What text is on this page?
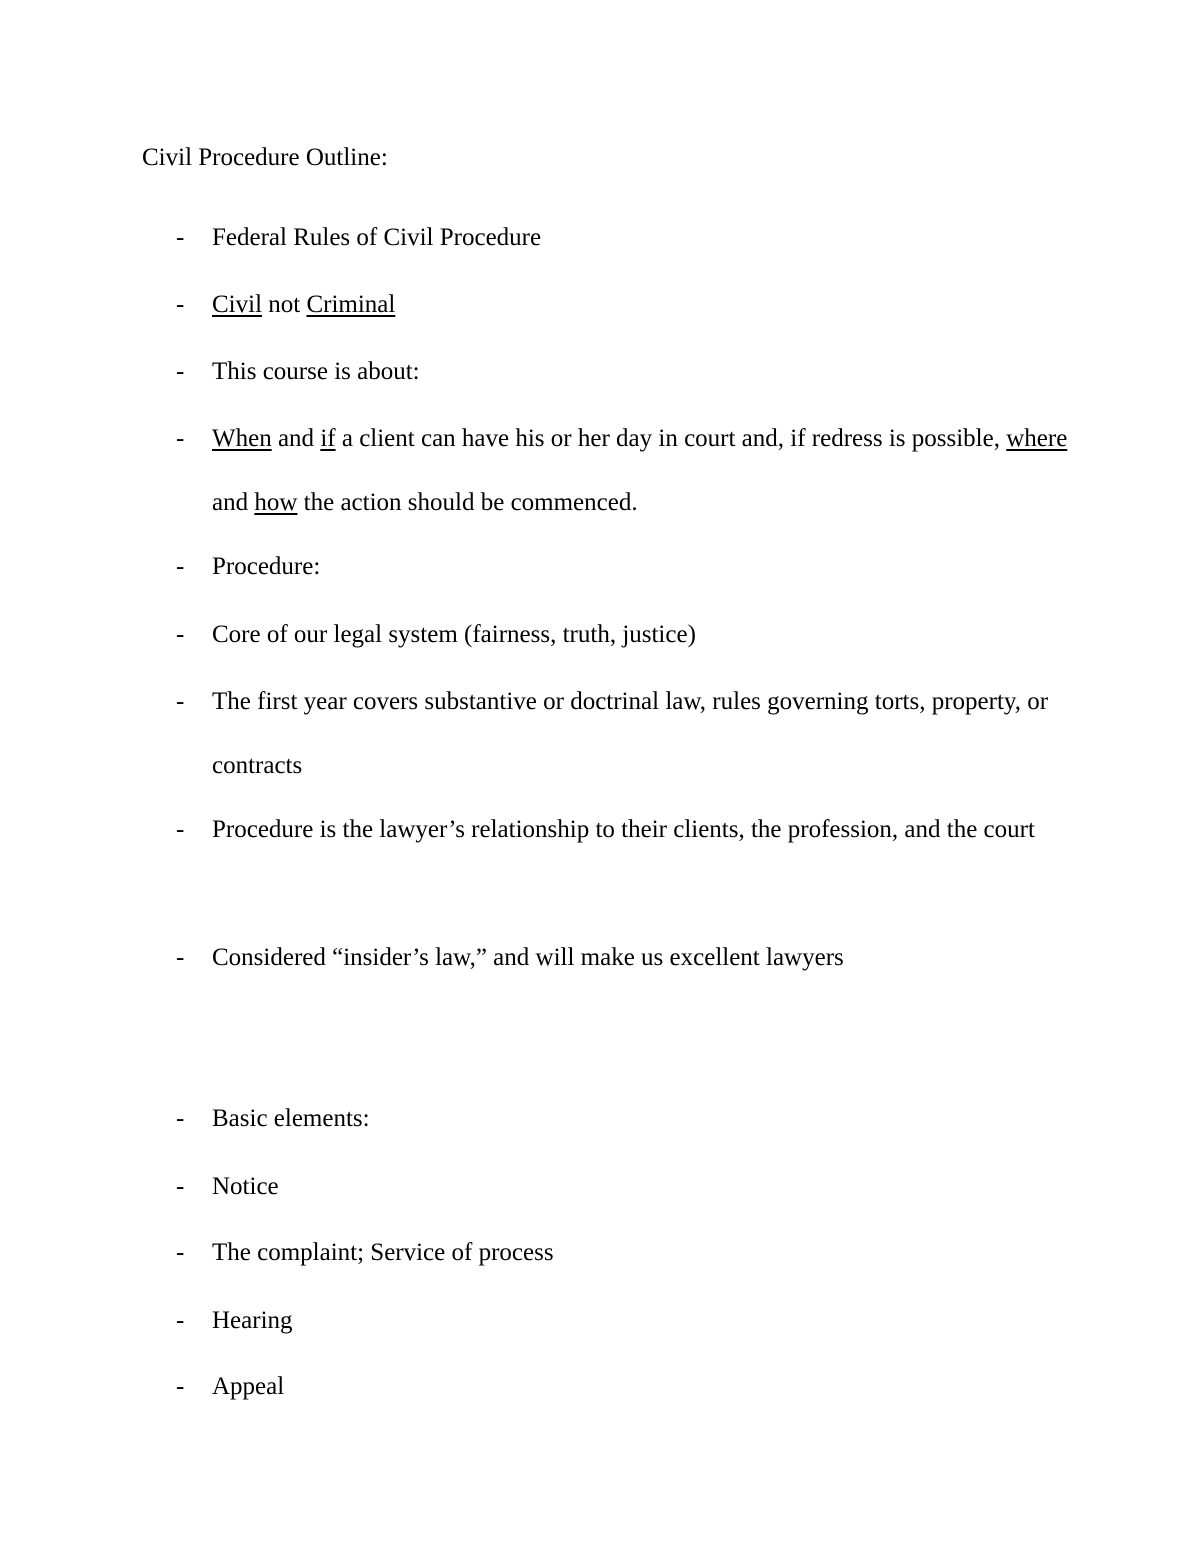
Civil Procedure Outline:
-	Federal Rules of Civil Procedure
-	Civil not Criminal
-	This course is about:
-	When and if a client can have his or her day in court and, if redress is possible, where and how the action should be commenced.
-	Procedure:
-	Core of our legal system (fairness, truth, justice)
-	The first year covers substantive or doctrinal law, rules governing torts, property, or contracts
-	Procedure is the lawyer’s relationship to their clients, the profession, and the court
-	Considered “insider’s law,” and will make us excellent lawyers
-	Basic elements:
-	Notice
-	The complaint; Service of process
-	Hearing
-	Appeal
